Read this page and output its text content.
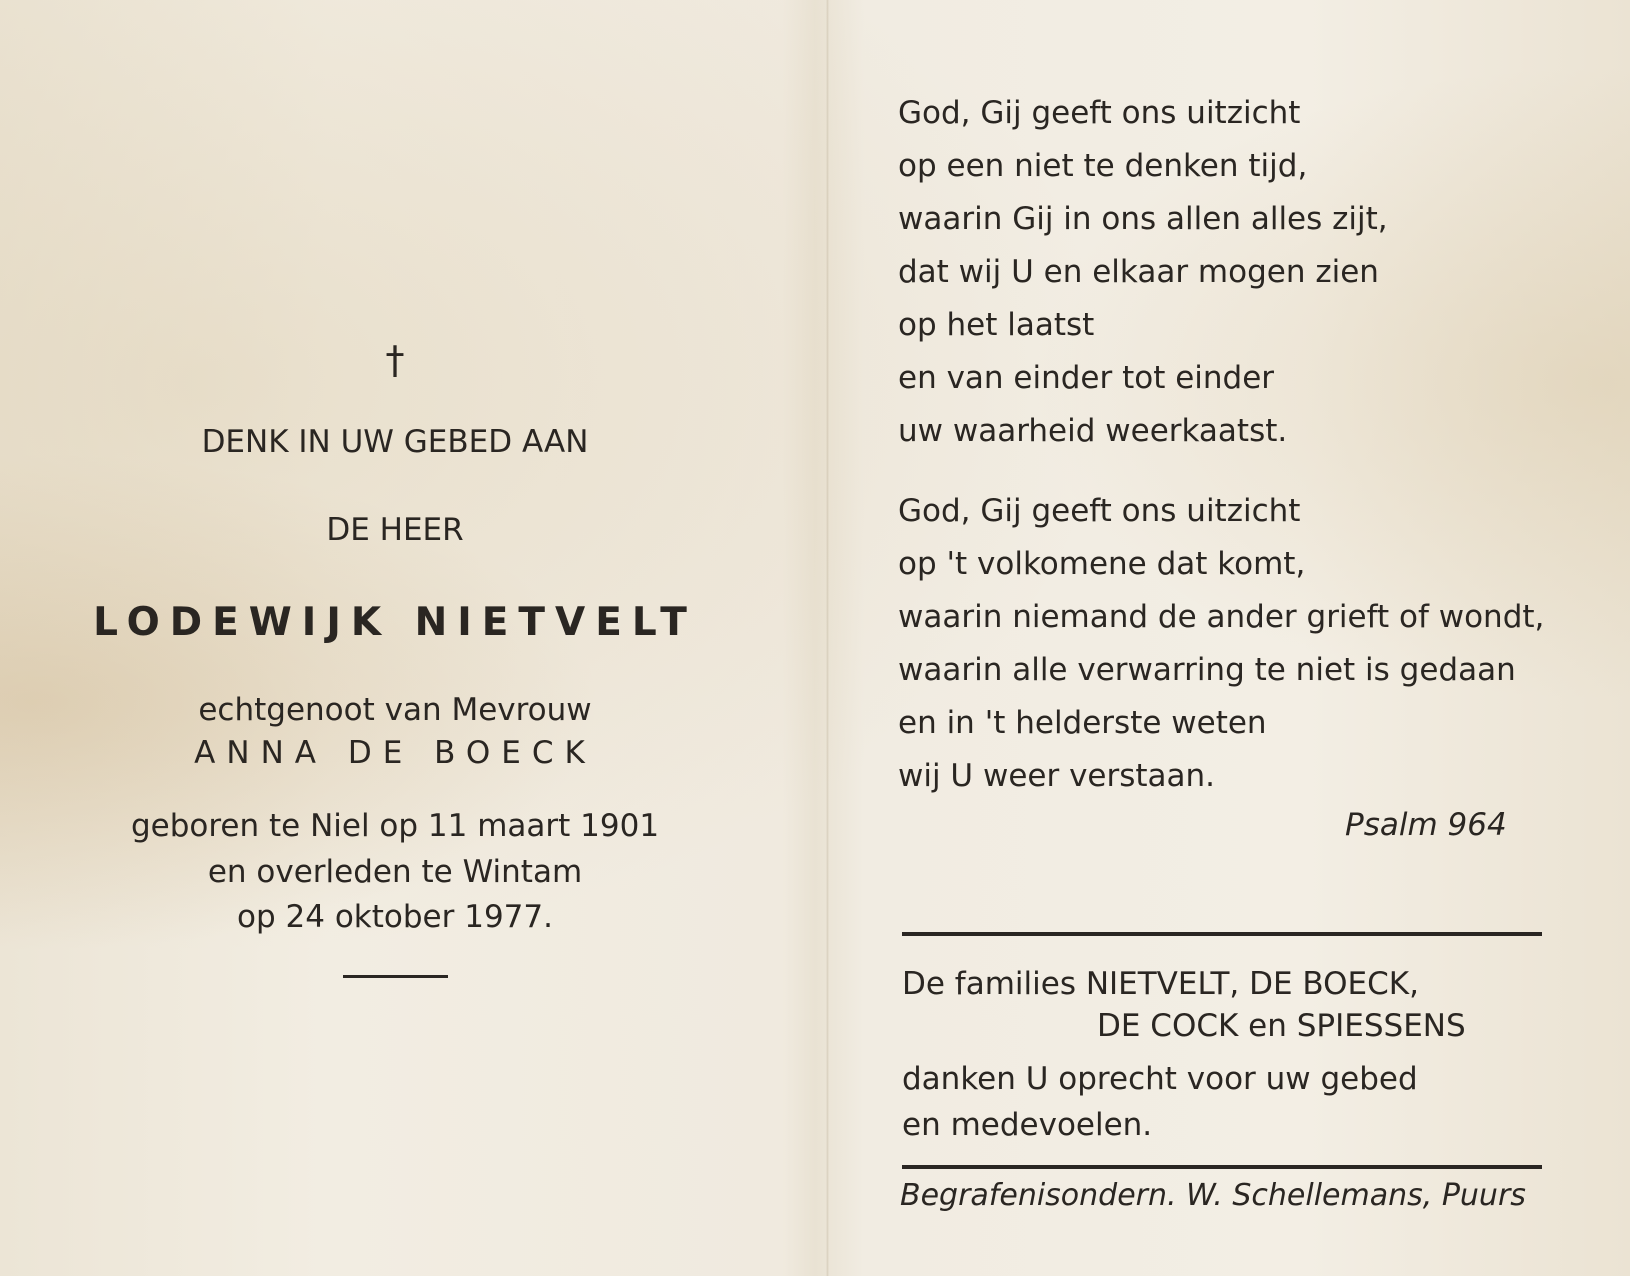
†
DENK IN UW GEBED AAN
DE HEER
LODEWIJK NIETVELT
echtgenoot van Mevrouw
ANNA DE BOECK
geboren te Niel op 11 maart 1901
en overleden te Wintam
op 24 oktober 1977.
God, Gij geeft ons uitzicht
op een niet te denken tijd,
waarin Gij in ons allen alles zijt,
dat wij U en elkaar mogen zien
op het laatst
en van einder tot einder
uw waarheid weerkaatst.
God, Gij geeft ons uitzicht
op 't volkomene dat komt,
waarin niemand de ander grieft of wondt,
waarin alle verwarring te niet is gedaan
en in 't helderste weten
wij U weer verstaan.
Psalm 964
De families NIETVELT, DE BOECK,
DE COCK en SPIESSENS
danken U oprecht voor uw gebed
en medevoelen.
Begrafenisondern. W. Schellemans, Puurs
